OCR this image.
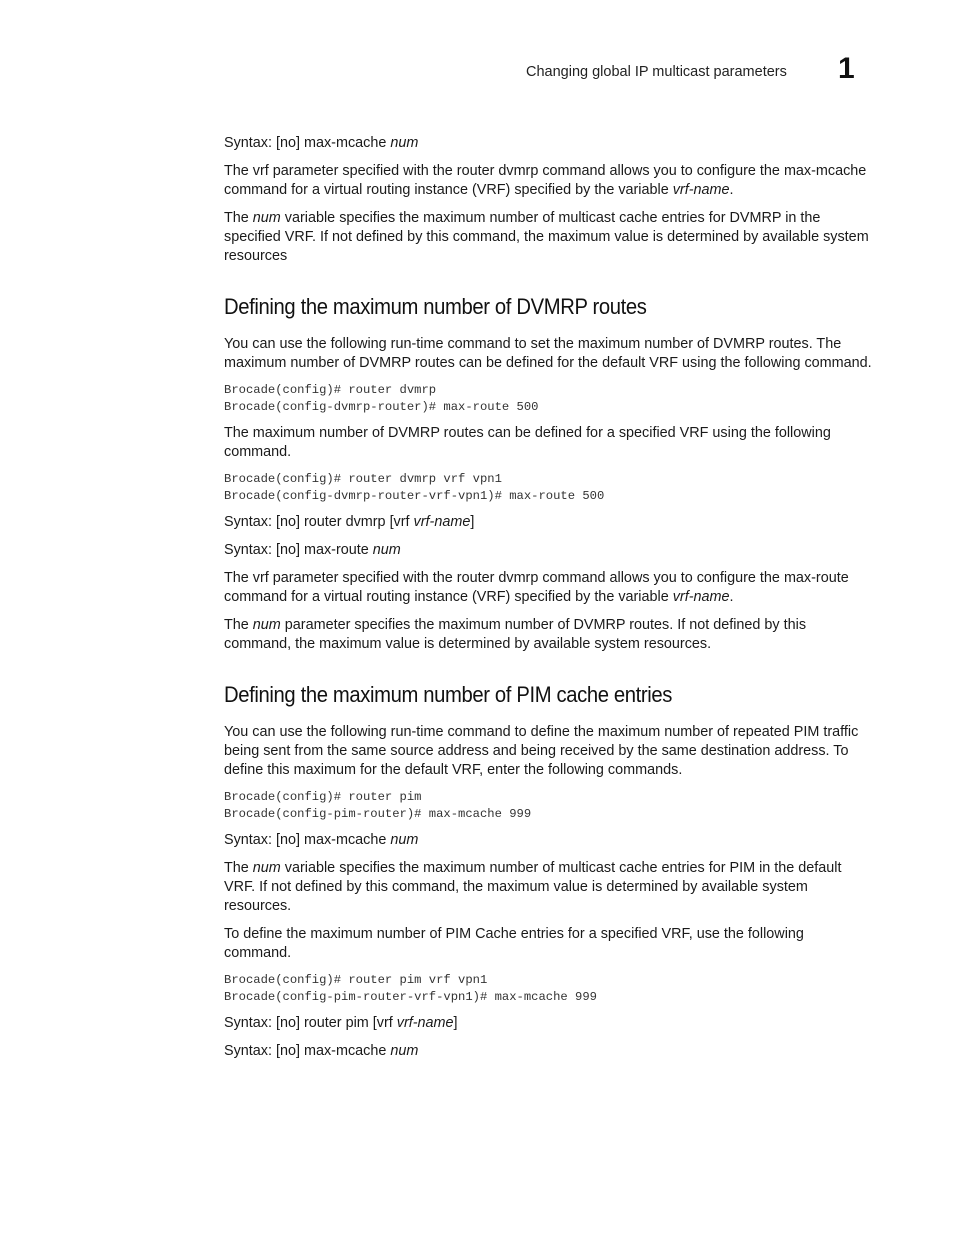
Changing global IP multicast parameters 1
Syntax: [no] max-mcache num

The vrf parameter specified with the router dvmrp command allows you to configure the max-mcache command for a virtual routing instance (VRF) specified by the variable vrf-name.

The num variable specifies the maximum number of multicast cache entries for DVMRP in the specified VRF. If not defined by this command, the maximum value is determined by available system resources

Defining the maximum number of DVMRP routes

You can use the following run-time command to set the maximum number of DVMRP routes. The maximum number of DVMRP routes can be defined for the default VRF using the following command.

Brocade(config)# router dvmrp
Brocade(config-dvmrp-router)# max-route 500

The maximum number of DVMRP routes can be defined for a specified VRF using the following command.

Brocade(config)# router dvmrp vrf vpn1
Brocade(config-dvmrp-router-vrf-vpn1)# max-route 500
Syntax: [no] router dvmrp [vrf vrf-name]
Syntax: [no] max-route num

The vrf parameter specified with the router dvmrp command allows you to configure the max-route command for a virtual routing instance (VRF) specified by the variable vrf-name.

The num parameter specifies the maximum number of DVMRP routes. If not defined by this command, the maximum value is determined by available system resources.

Defining the maximum number of PIM cache entries

You can use the following run-time command to define the maximum number of repeated PIM traffic being sent from the same source address and being received by the same destination address. To define this maximum for the default VRF, enter the following commands.

Brocade(config)# router pim
Brocade(config-pim-router)# max-mcache 999
Syntax: [no] max-mcache num

The num variable specifies the maximum number of multicast cache entries for PIM in the default VRF. If not defined by this command, the maximum value is determined by available system resources.

To define the maximum number of PIM Cache entries for a specified VRF, use the following command.

Brocade(config)# router pim vrf vpn1
Brocade(config-pim-router-vrf-vpn1)# max-mcache 999
Syntax: [no] router pim [vrf vrf-name]
Syntax: [no] max-mcache num
